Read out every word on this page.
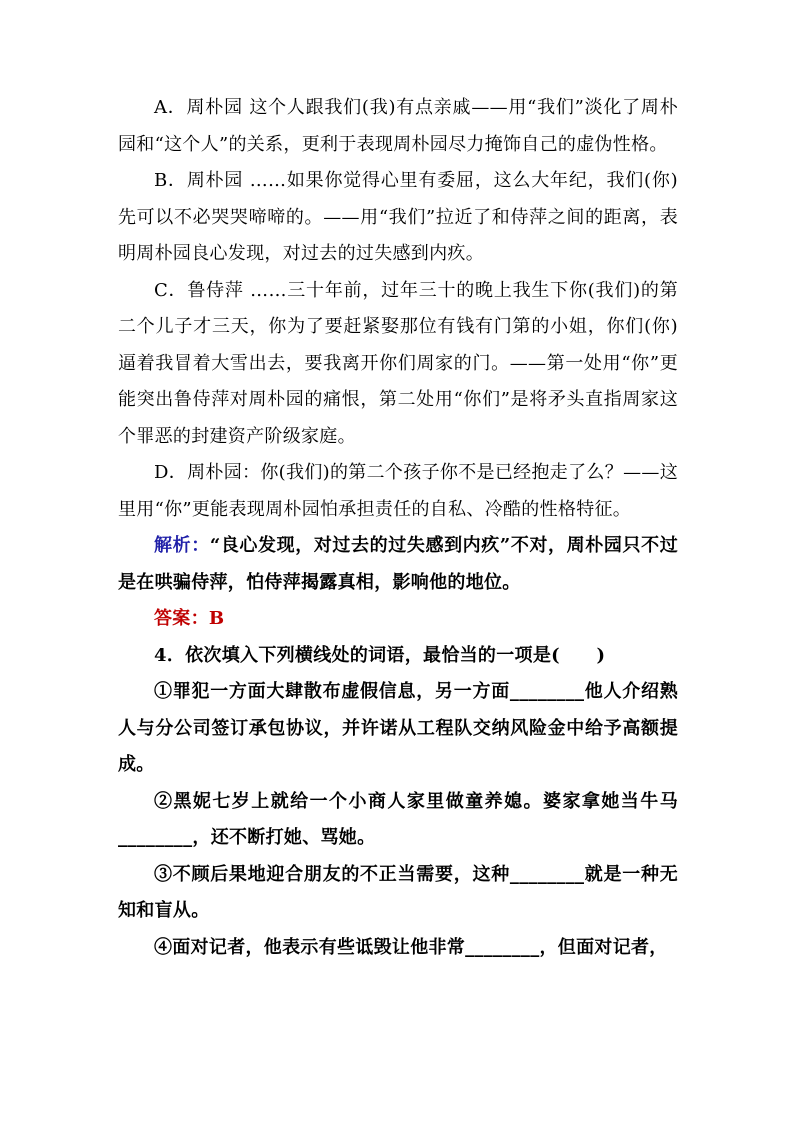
A．周朴园 这个人跟我们(我)有点亲戚——用“我们”淡化了周朴园和“这个人”的关系，更利于表现周朴园尽力掩饰自己的虚伪性格。

B．周朴园 ……如果你觉得心里有委屈，这么大年纪，我们(你)先可以不必哭哭啼啼的。——用“我们”拉近了和侍萍之间的距离，表明周朴园良心发现，对过去的过失感到内疚。

C．鲁侍萍 ……三十年前，过年三十的晚上我生下你(我们)的第二个儿子才三天，你为了要赶紧娶那位有钱有门第的小姐，你们(你)逼着我冒着大雪出去，要我离开你们周家的门。——第一处用“你”更能突出鲁侍萍对周朴园的痛恨，第二处用“你们”是将矛头直指周家这个罪恶的封建资产阶级家庭。

D．周朴园：你(我们)的第二个孩子你不是已经抱走了么？——这里用“你”更能表现周朴园怕承担责任的自私、冷酷的性格特征。

解析：“良心发现，对过去的过失感到内疚”不对，周朴园只不过是在哄骗侍萍，怕侍萍揭露真相，影响他的地位。

答案：B

4．依次填入下列横线处的词语，最恰当的一项是(　　)

①罪犯一方面大肆散布虚假信息，另一方面________他人介绍熟人与分公司签订承包协议，并许诺从工程队交纳风险金中给予高额提成。

②黑妮七岁上就给一个小商人家里做童养媳。婆家拿她当牛马________，还不断打她、骂她。

③不顾后果地迎合朋友的不正当需要，这种________就是一种无知和盲从。

④面对记者，他表示有些诋毁让他非常________，但面对记者，
